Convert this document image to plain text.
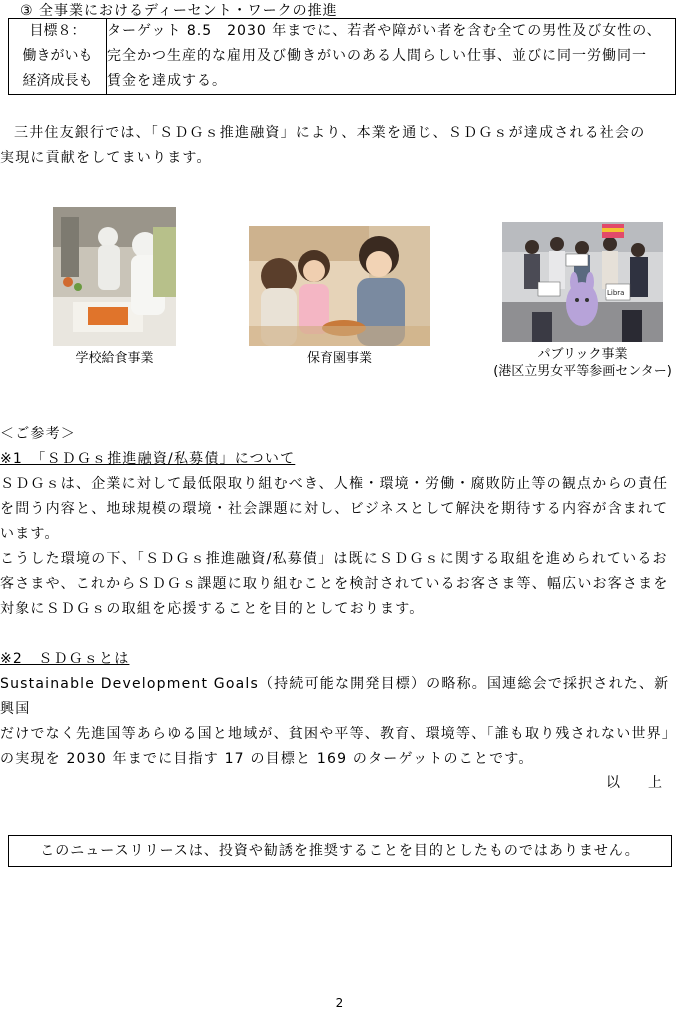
③ 全事業におけるディーセント・ワークの推進
目標８：
働きがいも
経済成長も

ターゲット 8.5　2030 年までに、若者や障がい者を含む全ての男性及び女性の、
完全かつ生産的な雇用及び働きがいのある人間らしい仕事、並びに同一労働同一
賃金を達成する。
三井住友銀行では、「ＳＤＧｓ推進融資」により、本業を通じ、ＳＤＧｓが達成される社会の
実現に貢献をしてまいります。
学校給食事業	保育園事業
Libra
パブリック事業
(港区立男女平等参画センター)
＜ご参考＞
※1　「ＳＤＧｓ推進融資/私募債」について
ＳＤＧｓは、企業に対して最低限取り組むべき、人権・環境・労働・腐敗防止等の観点からの責任
を問う内容と、地球規模の環境・社会課題に対し、ビジネスとして解決を期待する内容が含まれて
います。
こうした環境の下、「ＳＤＧｓ推進融資/私募債」は既にＳＤＧｓに関する取組を進められているお
客さまや、これからＳＤＧｓ課題に取り組むことを検討されているお客さま等、幅広いお客さまを
対象にＳＤＧｓの取組を応援することを目的としております。
※2　ＳＤＧｓとは
Sustainable Development Goals（持続可能な開発目標）の略称。国連総会で採択された、新興国
だけでなく先進国等あらゆる国と地域が、貧困や平等、教育、環境等、「誰も取り残されない世界」
の実現を 2030 年までに目指す 17 の目標と 169 のターゲットのことです。
以　　上
このニュースリリースは、投資や勧誘を推奨することを目的としたものではありません。
2
